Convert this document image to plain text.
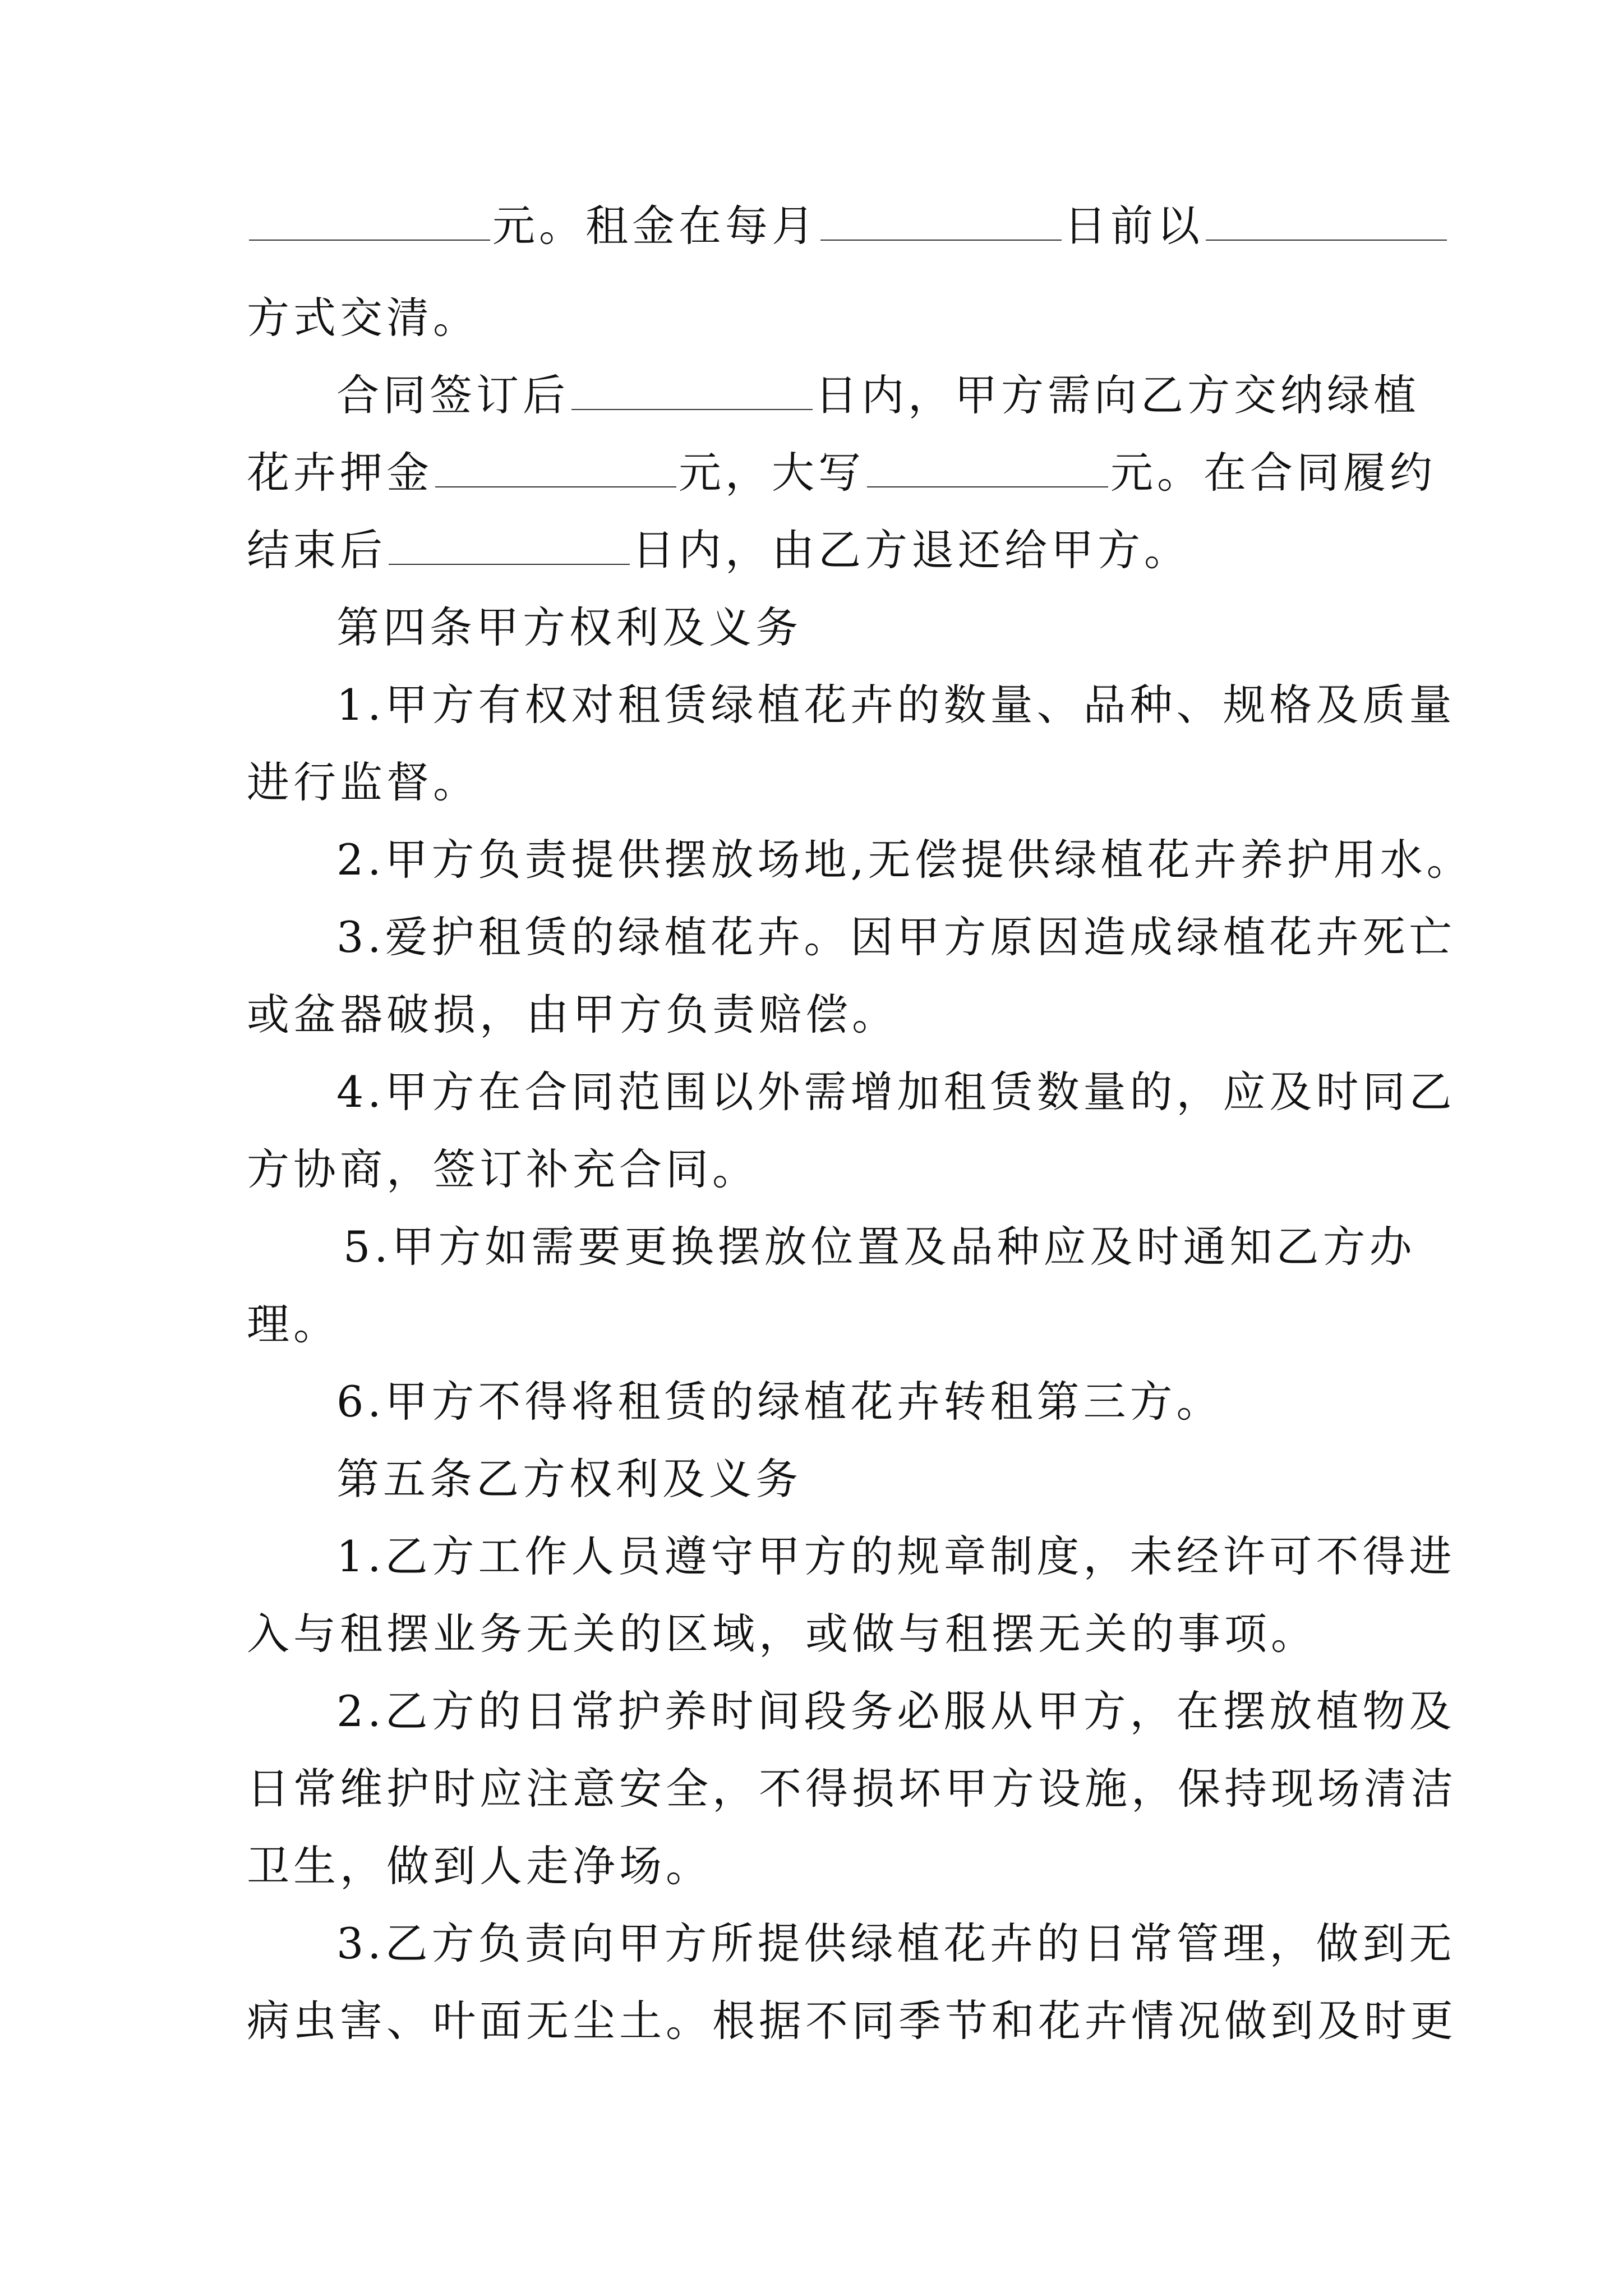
元。租金在每月	日前以
方式交清。
合同签订后	日内，甲方需向乙方交纳绿植
花卉押金	元，大写	元。在合同履约
结束后	日内，由乙方退还给甲方。
第四条甲方权利及义务
1.甲方有权对租赁绿植花卉的数量、品种、规格及质量
进行监督。
2.甲方负责提供摆放场地,无偿提供绿植花卉养护用水。
3.爱护租赁的绿植花卉。因甲方原因造成绿植花卉死亡
或盆器破损，由甲方负责赔偿。
4.甲方在合同范围以外需增加租赁数量的，应及时同乙
方协商，签订补充合同。
5.甲方如需要更换摆放位置及品种应及时通知乙方办
理。
6.甲方不得将租赁的绿植花卉转租第三方。
第五条乙方权利及义务
1.乙方工作人员遵守甲方的规章制度，未经许可不得进
入与租摆业务无关的区域，或做与租摆无关的事项。
2.乙方的日常护养时间段务必服从甲方，在摆放植物及
日常维护时应注意安全，不得损坏甲方设施，保持现场清洁
卫生，做到人走净场。
3.乙方负责向甲方所提供绿植花卉的日常管理，做到无
病虫害、叶面无尘土。根据不同季节和花卉情况做到及时更
